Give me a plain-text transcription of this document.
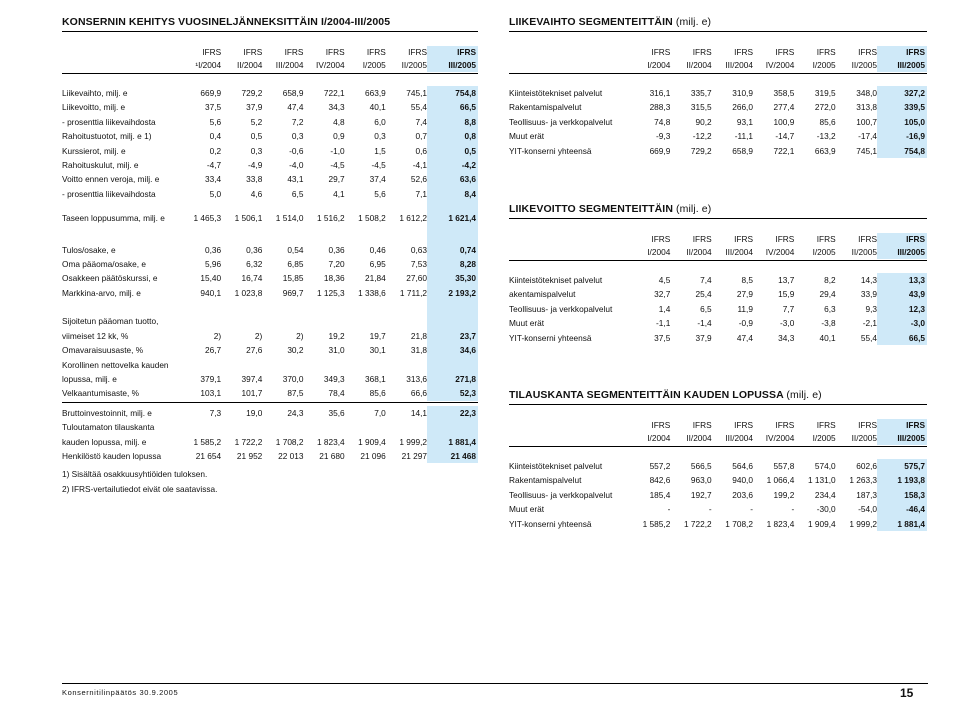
KONSERNIN KEHITYS VUOSINELJÄNNEKSITTÄIN I/2004-III/2005
	IFRS	IFRS	IFRS	IFRS	IFRS	IFRS	IFRS
	¹I/2004	II/2004	III/2004	IV/2004	I/2005	II/2005	III/2005
Liikevaihto, milj. e	669,9	729,2	658,9	722,1	663,9	745,1	754,8
Liikevoitto, milj. e	37,5	37,9	47,4	34,3	40,1	55,4	66,5
- prosenttia liikevaihdosta	5,6	5,2	7,2	4,8	6,0	7,4	8,8
Rahoitustuotot, milj. e 1)	0,4	0,5	0,3	0,9	0,3	0,7	0,8
Kurssierot, milj. e	0,2	0,3	-0,6	-1,0	1,5	0,6	0,5
Rahoituskulut, milj. e	-4,7	-4,9	-4,0	-4,5	-4,5	-4,1	-4,2
Voitto ennen veroja, milj. e	33,4	33,8	43,1	29,7	37,4	52,6	63,6
- prosenttia liikevaihdosta	5,0	4,6	6,5	4,1	5,6	7,1	8,4

Taseen loppusumma, milj. e	1 465,3	1 506,1	1 514,0	1 516,2	1 508,2	1 612,2	1 621,4

Tulos/osake, e	0,36	0,36	0,54	0,36	0,46	0,63	0,74
Oma pääoma/osake, e	5,96	6,32	6,85	7,20	6,95	7,53	8,28
Osakkeen päätöskurssi, e	15,40	16,74	15,85	18,36	21,84	27,60	35,30
Markkina-arvo, milj. e	940,1	1 023,8	969,7	1 125,3	1 338,6	1 711,2	2 193,2

Sijoitetun pääoman tuotto,							
viimeiset 12 kk, %	2)	2)	2)	19,2	19,7	21,8	23,7
Omavaraisuusaste, %	26,7	27,6	30,2	31,0	30,1	31,8	34,6
Korollinen nettovelka kauden							
lopussa, milj. e	379,1	397,4	370,0	349,3	368,1	313,6	271,8
Velkaantumisaste, %	103,1	101,7	87,5	78,4	85,6	66,6	52,3
Bruttoinvestoinnit, milj. e	7,3	19,0	24,3	35,6	7,0	14,1	22,3
Tuloutamaton tilauskanta							
kauden lopussa, milj. e	1 585,2	1 722,2	1 708,2	1 823,4	1 909,4	1 999,2	1 881,4
Henkilöstö kauden lopussa	21 654	21 952	22 013	21 680	21 096	21 297	21 468
1) Sisältää osakkuusyhtiöiden tuloksen.
2) IFRS-vertailutiedot eivät ole saatavissa.
LIIKEVAIHTO SEGMENTEITTÄIN (milj. e)
	IFRS	IFRS	IFRS	IFRS	IFRS	IFRS	IFRS
	I/2004	II/2004	III/2004	IV/2004	I/2005	II/2005	III/2005
Kiinteistötekniset palvelut	316,1	335,7	310,9	358,5	319,5	348,0	327,2
Rakentamispalvelut	288,3	315,5	266,0	277,4	272,0	313,8	339,5
Teollisuus- ja verkkopalvelut	74,8	90,2	93,1	100,9	85,6	100,7	105,0
Muut erät	-9,3	-12,2	-11,1	-14,7	-13,2	-17,4	-16,9
YIT-konserni yhteensä	669,9	729,2	658,9	722,1	663,9	745,1	754,8
LIIKEVOITTO SEGMENTEITTÄIN (milj. e)
	IFRS	IFRS	IFRS	IFRS	IFRS	IFRS	IFRS
	I/2004	II/2004	III/2004	IV/2004	I/2005	II/2005	III/2005
Kiinteistötekniset palvelut	4,5	7,4	8,5	13,7	8,2	14,3	13,3
akentamispalvelut	32,7	25,4	27,9	15,9	29,4	33,9	43,9
Teollisuus- ja verkkopalvelut	1,4	6,5	11,9	7,7	6,3	9,3	12,3
Muut erät	-1,1	-1,4	-0,9	-3,0	-3,8	-2,1	-3,0
YIT-konserni yhteensä	37,5	37,9	47,4	34,3	40,1	55,4	66,5
TILAUSKANTA SEGMENTEITTÄIN KAUDEN LOPUSSA (milj. e)
	IFRS	IFRS	IFRS	IFRS	IFRS	IFRS	IFRS
	I/2004	II/2004	III/2004	IV/2004	I/2005	II/2005	III/2005
Kiinteistötekniset palvelut	557,2	566,5	564,6	557,8	574,0	602,6	575,7
Rakentamispalvelut	842,6	963,0	940,0	1 066,4	1 131,0	1 263,3	1 193,8
Teollisuus- ja verkkopalvelut	185,4	192,7	203,6	199,2	234,4	187,3	158,3
Muut erät	-	-	-	-	-30,0	-54,0	-46,4
YIT-konserni yhteensä	1 585,2	1 722,2	1 708,2	1 823,4	1 909,4	1 999,2	1 881,4
Konsernitilinpäätös 30.9.2005	15
